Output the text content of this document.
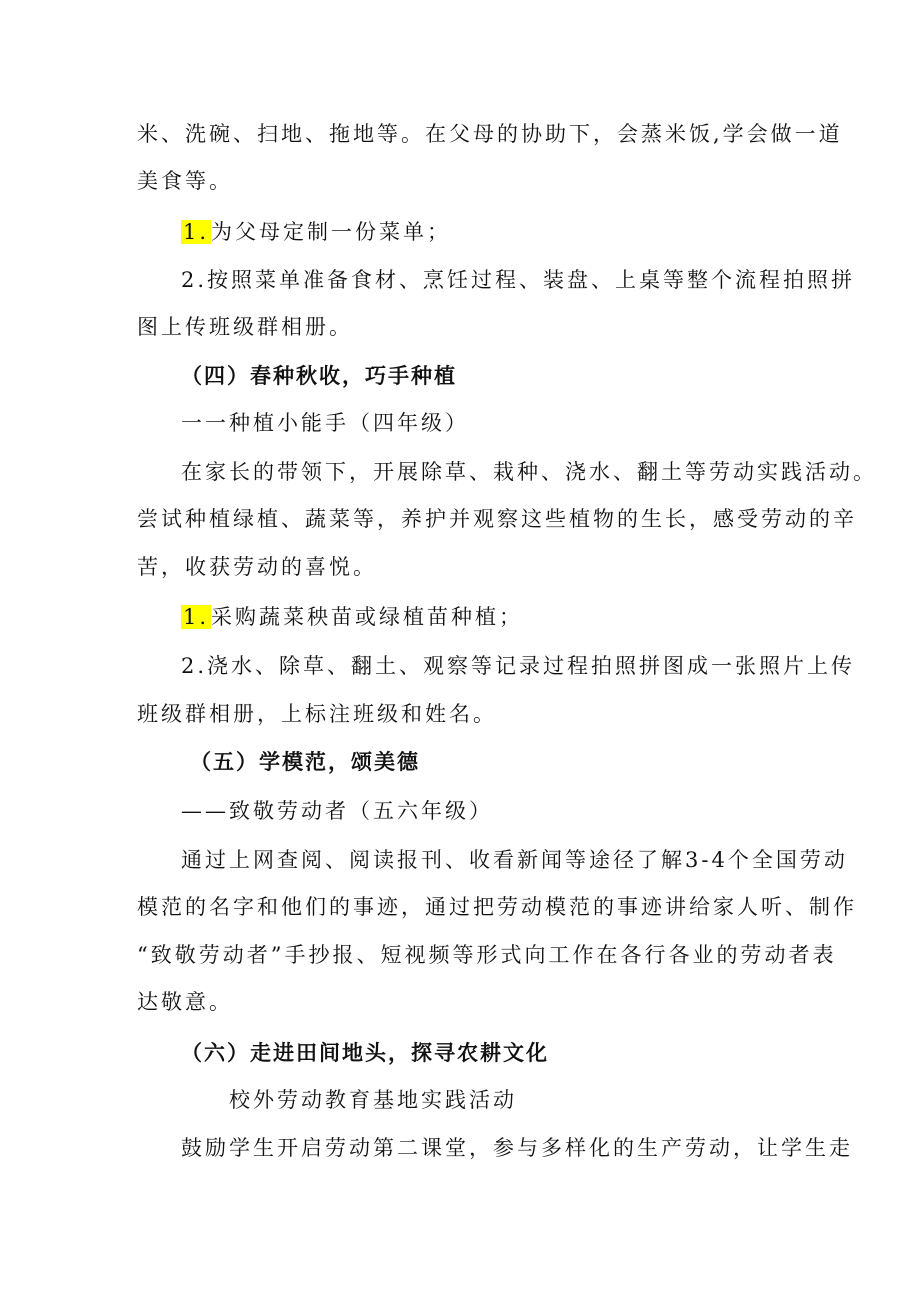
米、洗碗、扫地、拖地等。在父母的协助下，会蒸米饭,学会做一道
美食等。
1.为父母定制一份菜单；
2.按照菜单准备食材、烹饪过程、装盘、上桌等整个流程拍照拼
图上传班级群相册。
（四）春种秋收，巧手种植
一一种植小能手（四年级）
在家长的带领下，开展除草、栽种、浇水、翻土等劳动实践活动。
尝试种植绿植、蔬菜等，养护并观察这些植物的生长，感受劳动的辛
苦，收获劳动的喜悦。
1.采购蔬菜秧苗或绿植苗种植；
2.浇水、除草、翻土、观察等记录过程拍照拼图成一张照片上传
班级群相册，上标注班级和姓名。
（五）学模范，颂美德
——致敬劳动者（五六年级）
通过上网查阅、阅读报刊、收看新闻等途径了解3-4个全国劳动
模范的名字和他们的事迹，通过把劳动模范的事迹讲给家人听、制作
“致敬劳动者”手抄报、短视频等形式向工作在各行各业的劳动者表
达敬意。
（六）走进田间地头，探寻农耕文化
校外劳动教育基地实践活动
鼓励学生开启劳动第二课堂，参与多样化的生产劳动，让学生走
